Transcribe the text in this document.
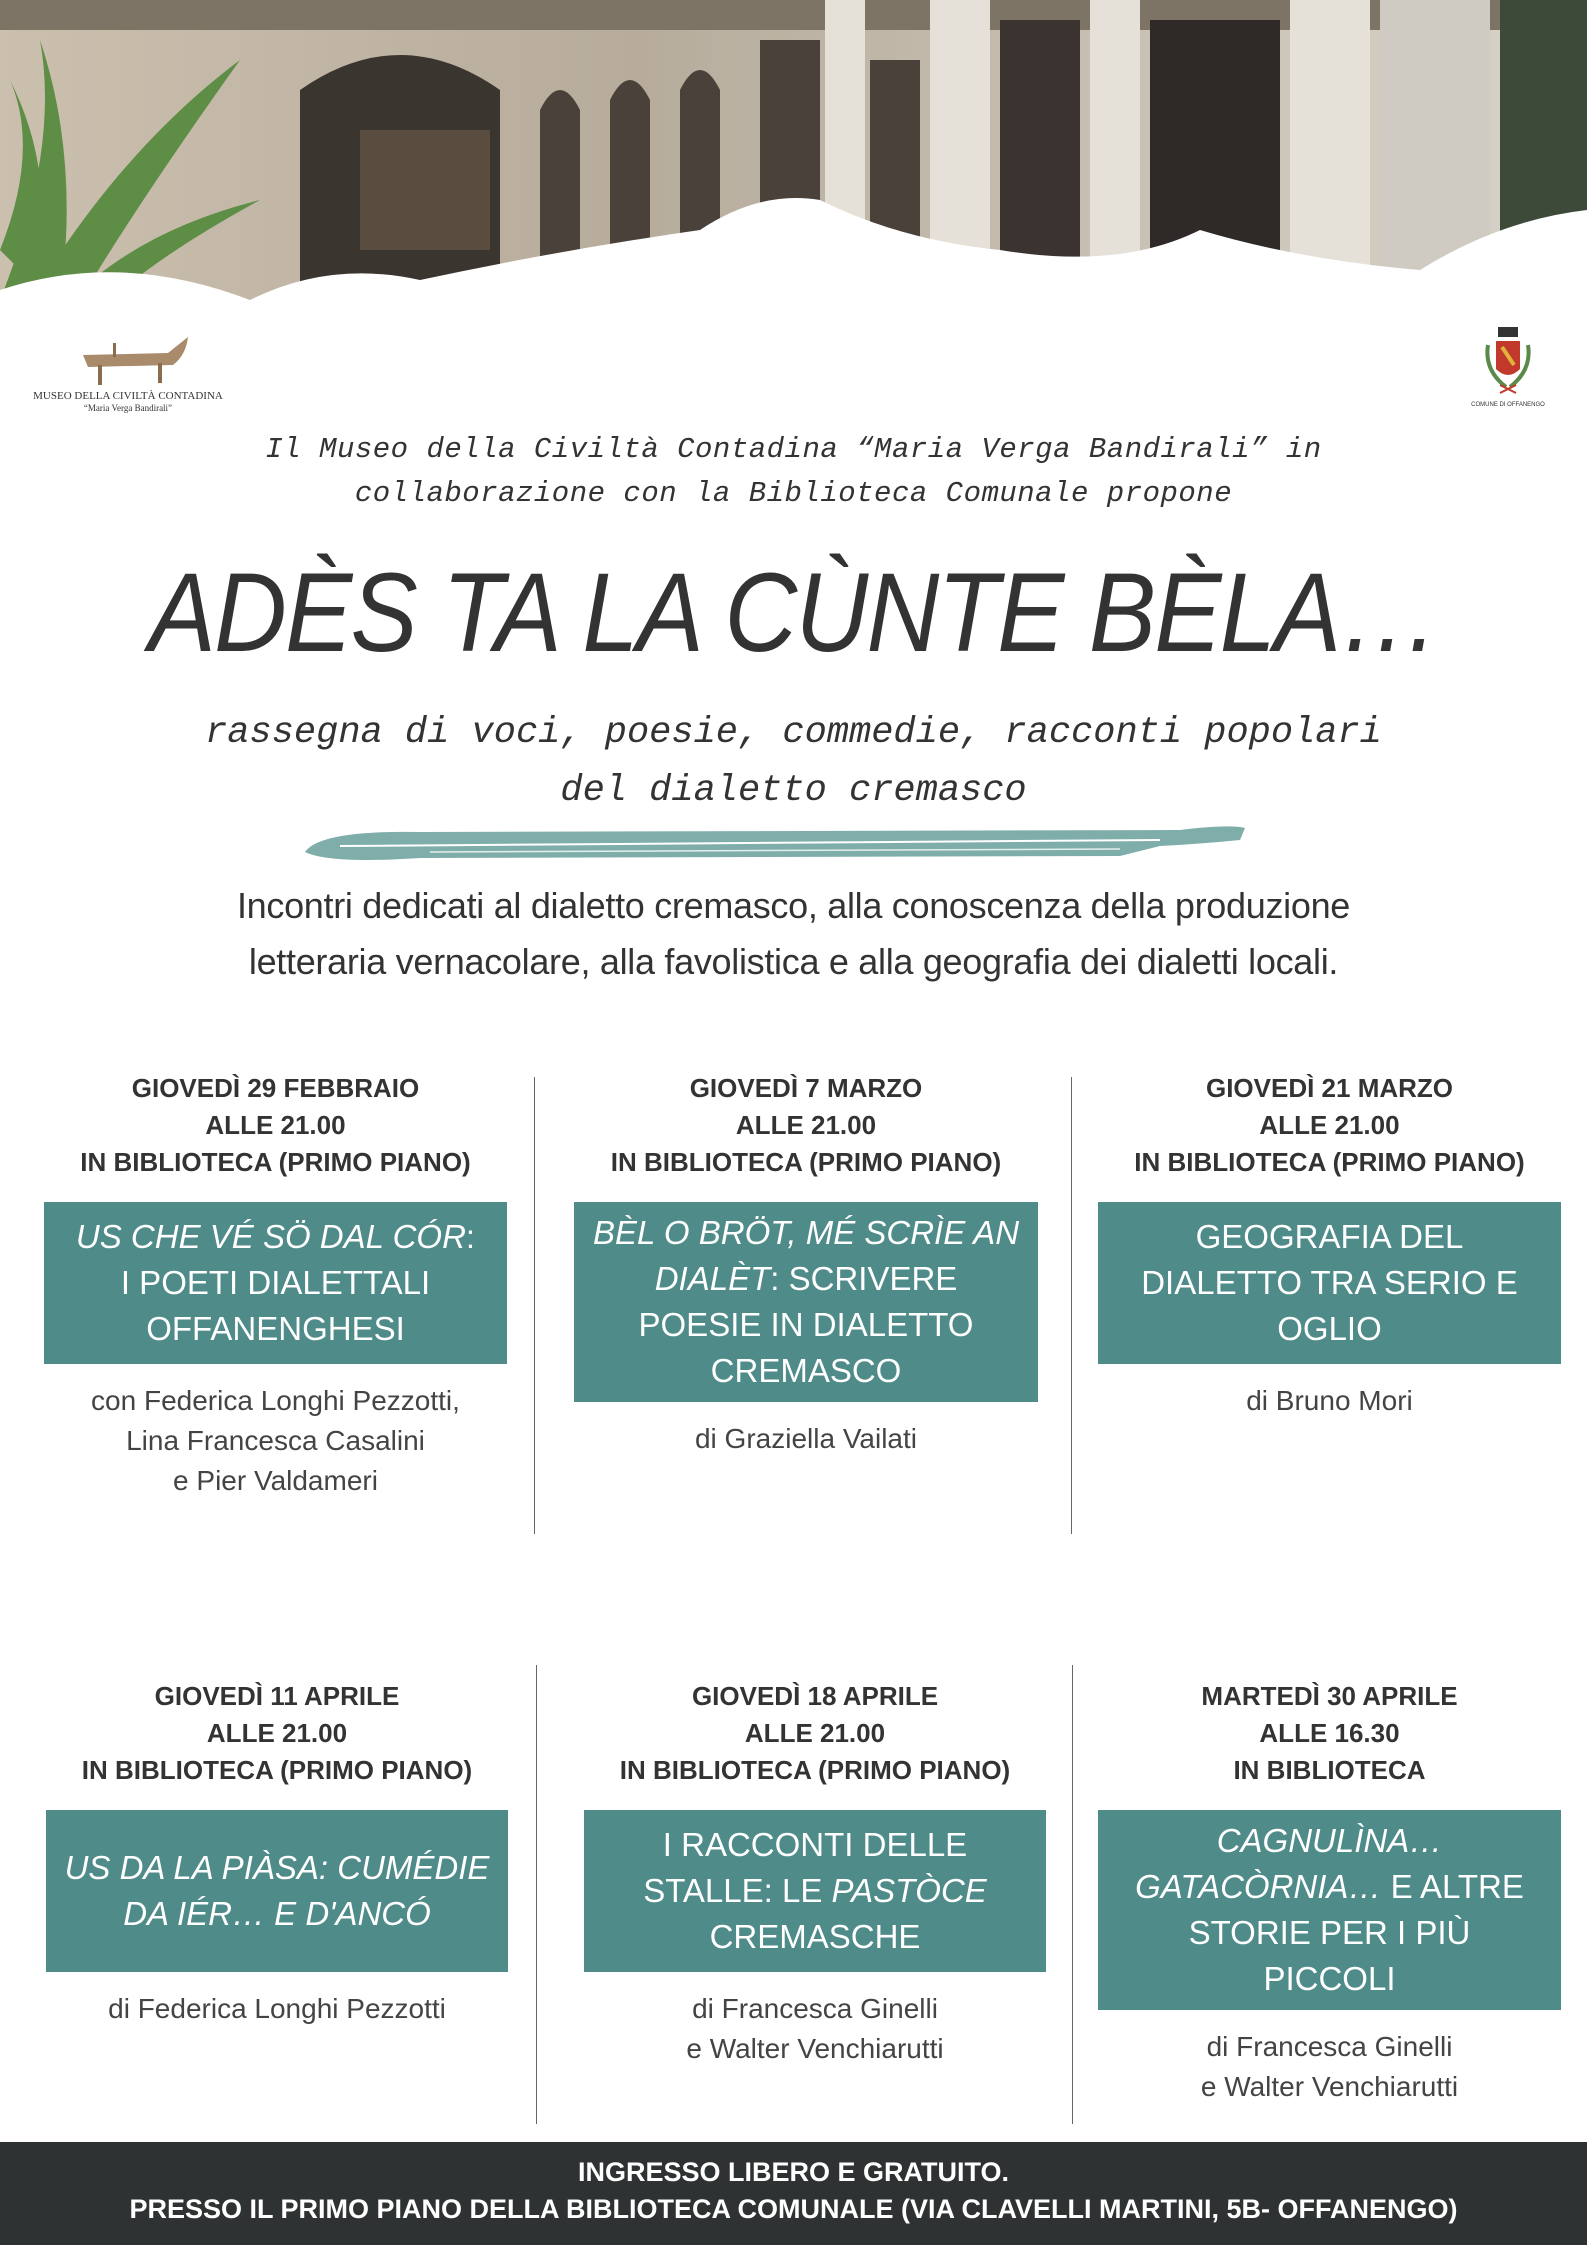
MUSEO DELLA CIVILTÀ CONTADINA
“Maria Verga Bandirali”	COMUNE DI OFFANENGO
Il Museo della Civiltà Contadina “Maria Verga Bandirali” in
collaborazione con la Biblioteca Comunale propone
ADÈS TA LA CÙNTE BÈLA…
rassegna di voci, poesie, commedie, racconti popolari
del dialetto cremasco
Incontri dedicati al dialetto cremasco, alla conoscenza della produzione
letteraria vernacolare, alla favolistica e alla geografia dei dialetti locali.
GIOVEDÌ 29 FEBBRAIO
ALLE 21.00
IN BIBLIOTECA (PRIMO PIANO)
US CHE VÉ SÖ DAL CÓR:
I POETI DIALETTALI
OFFANENGHESI
con Federica Longhi Pezzotti,
Lina Francesca Casalini
e Pier Valdameri
GIOVEDÌ 7 MARZO
ALLE 21.00
IN BIBLIOTECA (PRIMO PIANO)
BÈL O BRÖT, MÉ SCRÌE AN
DIALÈT: SCRIVERE
POESIE IN DIALETTO
CREMASCO
di Graziella Vailati
GIOVEDÌ 21 MARZO
ALLE 21.00
IN BIBLIOTECA (PRIMO PIANO)
GEOGRAFIA DEL
DIALETTO TRA SERIO E
OGLIO
di Bruno Mori
GIOVEDÌ 11 APRILE
ALLE 21.00
IN BIBLIOTECA (PRIMO PIANO)
US DA LA PIÀSA: CUMÉDIE
DA IÉR… E D'ANCÓ
di Federica Longhi Pezzotti
GIOVEDÌ 18 APRILE
ALLE 21.00
IN BIBLIOTECA (PRIMO PIANO)
I RACCONTI DELLE
STALLE: LE PASTÒCE
CREMASCHE
di Francesca Ginelli
e Walter Venchiarutti
MARTEDÌ 30 APRILE
ALLE 16.30
IN BIBLIOTECA
CAGNULÌNA…
GATACÒRNIA… E ALTRE
STORIE PER I PIÙ
PICCOLI
di Francesca Ginelli
e Walter Venchiarutti
INGRESSO LIBERO E GRATUITO.
PRESSO IL PRIMO PIANO DELLA BIBLIOTECA COMUNALE (VIA CLAVELLI MARTINI, 5B- OFFANENGO)
